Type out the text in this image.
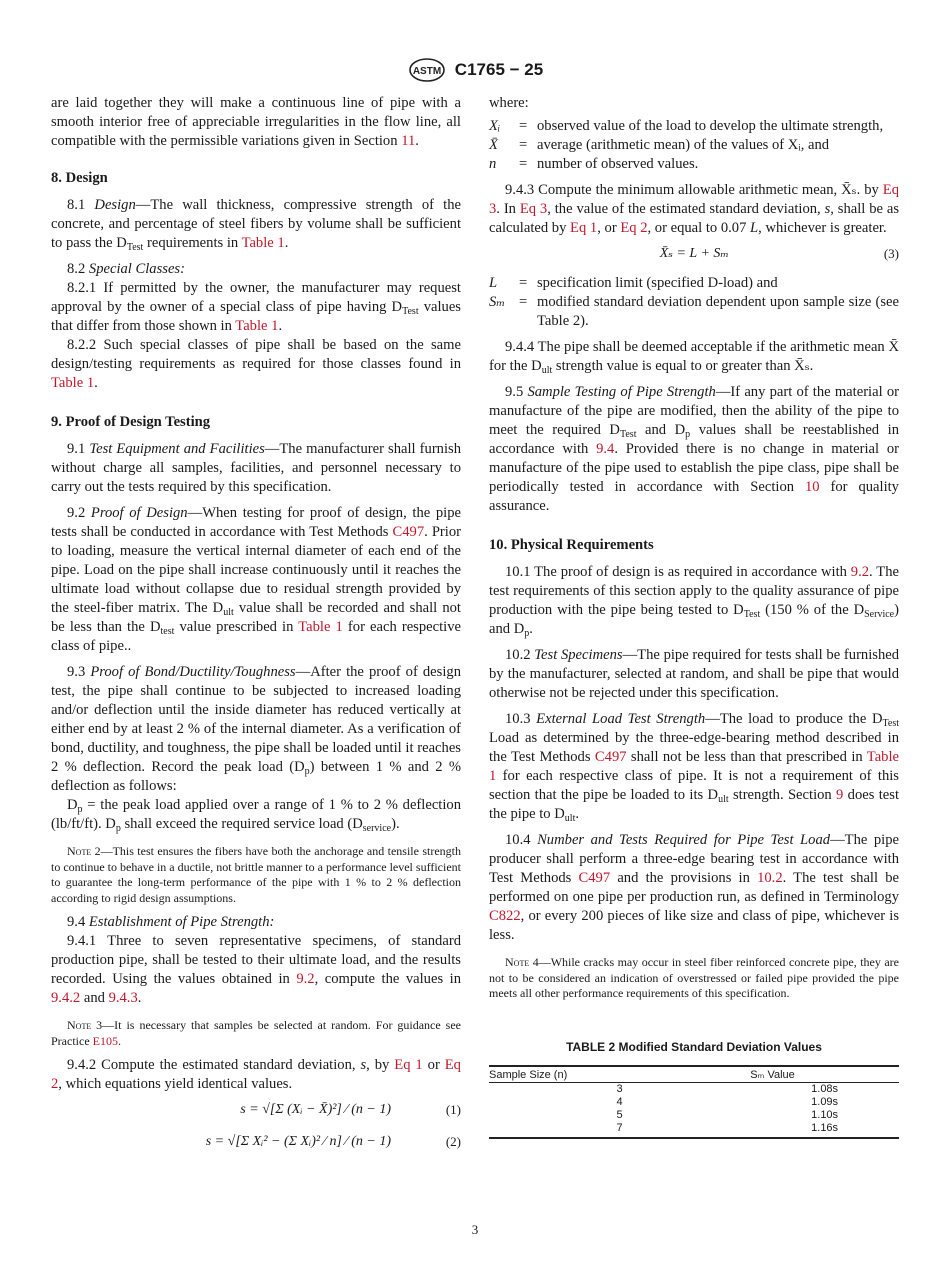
ASTM C1765 − 25

are laid together they will make a continuous line of pipe with a smooth interior free of appreciable irregularities in the flow line, all compatible with the permissible variations given in Section 11.

8. Design

8.1 Design—The wall thickness, compressive strength of the concrete, and percentage of steel fibers by volume shall be sufficient to pass the $D_{Test}$ requirements in Table 1.

8.2 Special Classes:

8.2.1 If permitted by the owner, the manufacturer may request approval by the owner of a special class of pipe having $D_{Test}$ values that differ from those shown in Table 1.

8.2.2 Such special classes of pipe shall be based on the same design/testing requirements as required for those classes found in Table 1.

9. Proof of Design Testing

9.1 Test Equipment and Facilities—The manufacturer shall furnish without charge all samples, facilities, and personnel necessary to carry out the tests required by this specification.

9.2 Proof of Design—When testing for proof of design, the pipe tests shall be conducted in accordance with Test Methods C497. Prior to loading, measure the vertical internal diameter of each end of the pipe. Load on the pipe shall increase continuously until it reaches the ultimate load without collapse due to residual strength provided by the steel-fiber matrix. The $D_{ult}$ value shall be recorded and shall not be less than the $D_{test}$ value prescribed in Table 1 for each respective class of pipe..

9.3 Proof of Bond/Ductility/Toughness—After the proof of design test, the pipe shall continue to be subjected to increased loading and/or deflection until the inside diameter has reduced vertically at either end by at least 2 % of the internal diameter. As a verification of bond, ductility, and toughness, the pipe shall be loaded until it reaches 2 % deflection. Record the peak load $(D_p)$ between 1 % and 2 % deflection as follows:

$D_p$ = the peak load applied over a range of 1 % to 2 % deflection (lb/ft/ft). $D_p$ shall exceed the required service load $(D_{service})$.

Note 2—This test ensures the fibers have both the anchorage and tensile strength to continue to behave in a ductile, not brittle manner to a performance level sufficient to guarantee the long-term performance of the pipe with 1 % to 2 % deflection according to rigid design assumptions.

9.4 Establishment of Pipe Strength:

9.4.1 Three to seven representative specimens, of standard production pipe, shall be tested to their ultimate load, and the results recorded. Using the values obtained in 9.2, compute the values in 9.4.2 and 9.4.3.

Note 3—It is necessary that samples be selected at random. For guidance see Practice E105.

9.4.2 Compute the estimated standard deviation, s, by Eq 1 or Eq 2, which equations yield identical values.

s = √[Σ (Xᵢ − X̄)²] ⁄ (n − 1)	(1)
s = √[Σ Xᵢ² − (Σ Xᵢ)² ⁄ n] ⁄ (n − 1)	(2)

where:

Xᵢ	= observed value of the load to develop the ultimate strength,
X̄	= average (arithmetic mean) of the values of Xᵢ, and
n	= number of observed values.

9.4.3 Compute the minimum allowable arithmetic mean, X̄ₛ. by Eq 3. In Eq 3, the value of the estimated standard deviation, s, shall be as calculated by Eq 1, or Eq 2, or equal to 0.07 L, whichever is greater.

X̄ₛ = L + Sₘ	(3)
L	= specification limit (specified D-load) and
Sₘ = modified standard deviation dependent upon sample size (see Table 2).

9.4.4 The pipe shall be deemed acceptable if the arithmetic mean X̄ for the $D_{ult}$ strength value is equal to or greater than X̄ₛ.

9.5 Sample Testing of Pipe Strength—If any part of the material or manufacture of the pipe are modified, then the ability of the pipe to meet the required $D_{Test}$ and $D_p$ values shall be reestablished in accordance with 9.4. Provided there is no change in material or manufacture of the pipe used to establish the pipe class, pipe shall be periodically tested in accordance with Section 10 for quality assurance.

10. Physical Requirements

10.1 The proof of design is as required in accordance with 9.2. The test requirements of this section apply to the quality assurance of pipe production with the pipe being tested to $D_{Test}$ (150 % of the $D_{Service}$) and $D_p$.

10.2 Test Specimens—The pipe required for tests shall be furnished by the manufacturer, selected at random, and shall be pipe that would otherwise not be rejected under this specification.

10.3 External Load Test Strength—The load to produce the $D_{Test}$ Load as determined by the three-edge-bearing method described in the Test Methods C497 shall not be less than that prescribed in Table 1 for each respective class of pipe. It is not a requirement of this section that the pipe be loaded to its $D_{ult}$ strength. Section 9 does test the pipe to $D_{ult}$.

10.4 Number and Tests Required for Pipe Test Load—The pipe producer shall perform a three-edge bearing test in accordance with Test Methods C497 and the provisions in 10.2. The test shall be performed on one pipe per production run, as defined in Terminology C822, or every 200 pieces of like size and class of pipe, whichever is less.

Note 4—While cracks may occur in steel fiber reinforced concrete pipe, they are not to be considered an indication of overstressed or failed pipe provided the pipe meets all other performance requirements of this specification.

TABLE 2 Modified Standard Deviation Values
Sample Size (n)	Sₘ Value
3	1.08s
4	1.09s
5	1.10s
7	1.16s
3
